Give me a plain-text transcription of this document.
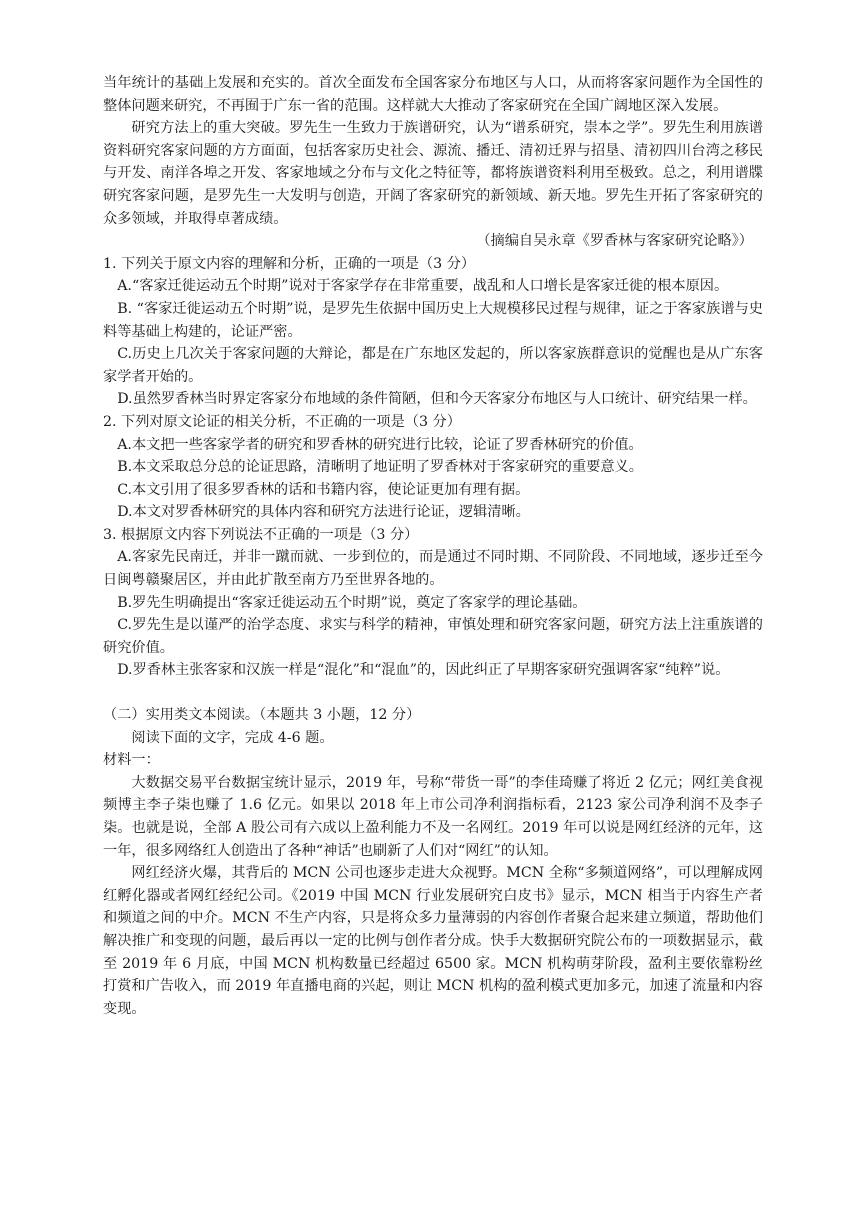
当年统计的基础上发展和充实的。首次全面发布全国客家分布地区与人口，从而将客家问题作为全国性的整体问题来研究，不再囿于广东一省的范围。这样就大大推动了客家研究在全国广阔地区深入发展。

研究方法上的重大突破。罗先生一生致力于族谱研究，认为“谱系研究，崇本之学”。罗先生利用族谱资料研究客家问题的方方面面，包括客家历史社会、源流、播迁、清初迁界与招垦、清初四川台湾之移民与开发、南洋各埠之开发、客家地域之分布与文化之特征等，都将族谱资料利用至极致。总之，利用谱牒研究客家问题，是罗先生一大发明与创造，开阔了客家研究的新领域、新天地。罗先生开拓了客家研究的众多领域，并取得卓著成绩。

（摘编自吴永章《罗香林与客家研究论略》）

1. 下列关于原文内容的理解和分析，正确的一项是（3 分）

A.“客家迁徙运动五个时期”说对于客家学存在非常重要，战乱和人口增长是客家迁徙的根本原因。

B. “客家迁徙运动五个时期”说，是罗先生依据中国历史上大规模移民过程与规律，证之于客家族谱与史料等基础上构建的，论证严密。

C.历史上几次关于客家问题的大辩论，都是在广东地区发起的，所以客家族群意识的觉醒也是从广东客家学者开始的。

D.虽然罗香林当时界定客家分布地域的条件简陋，但和今天客家分布地区与人口统计、研究结果一样。

2. 下列对原文论证的相关分析，不正确的一项是（3 分）

A.本文把一些客家学者的研究和罗香林的研究进行比较，论证了罗香林研究的价值。

B.本文采取总分总的论证思路，清晰明了地证明了罗香林对于客家研究的重要意义。

C.本文引用了很多罗香林的话和书籍内容，使论证更加有理有据。

D.本文对罗香林研究的具体内容和研究方法进行论证，逻辑清晰。

3. 根据原文内容下列说法不正确的一项是（3 分）

A.客家先民南迁，并非一蹴而就、一步到位的，而是通过不同时期、不同阶段、不同地域，逐步迁至今日闽粤赣聚居区，并由此扩散至南方乃至世界各地的。

B.罗先生明确提出“客家迁徙运动五个时期”说，奠定了客家学的理论基础。

C.罗先生是以谨严的治学态度、求实与科学的精神，审慎处理和研究客家问题，研究方法上注重族谱的研究价值。

D.罗香林主张客家和汉族一样是“混化”和“混血”的，因此纠正了早期客家研究强调客家“纯粹”说。

（二）实用类文本阅读。（本题共 3 小题，12 分）

阅读下面的文字，完成 4-6 题。

材料一：

大数据交易平台数据宝统计显示，2019 年，号称“带货一哥”的李佳琦赚了将近 2 亿元；网红美食视频博主李子柒也赚了 1.6 亿元。如果以 2018 年上市公司净利润指标看，2123 家公司净利润不及李子柒。也就是说，全部 A 股公司有六成以上盈利能力不及一名网红。2019 年可以说是网红经济的元年，这一年，很多网络红人创造出了各种“神话”也刷新了人们对“网红”的认知。

网红经济火爆，其背后的 MCN 公司也逐步走进大众视野。MCN 全称“多频道网络”，可以理解成网红孵化器或者网红经纪公司。《2019 中国 MCN 行业发展研究白皮书》显示，MCN 相当于内容生产者和频道之间的中介。MCN 不生产内容，只是将众多力量薄弱的内容创作者聚合起来建立频道，帮助他们解决推广和变现的问题，最后再以一定的比例与创作者分成。快手大数据研究院公布的一项数据显示，截至 2019 年 6 月底，中国 MCN 机构数量已经超过 6500 家。MCN 机构萌芽阶段，盈利主要依靠粉丝打赏和广告收入，而 2019 年直播电商的兴起，则让 MCN 机构的盈利模式更加多元，加速了流量和内容变现。
